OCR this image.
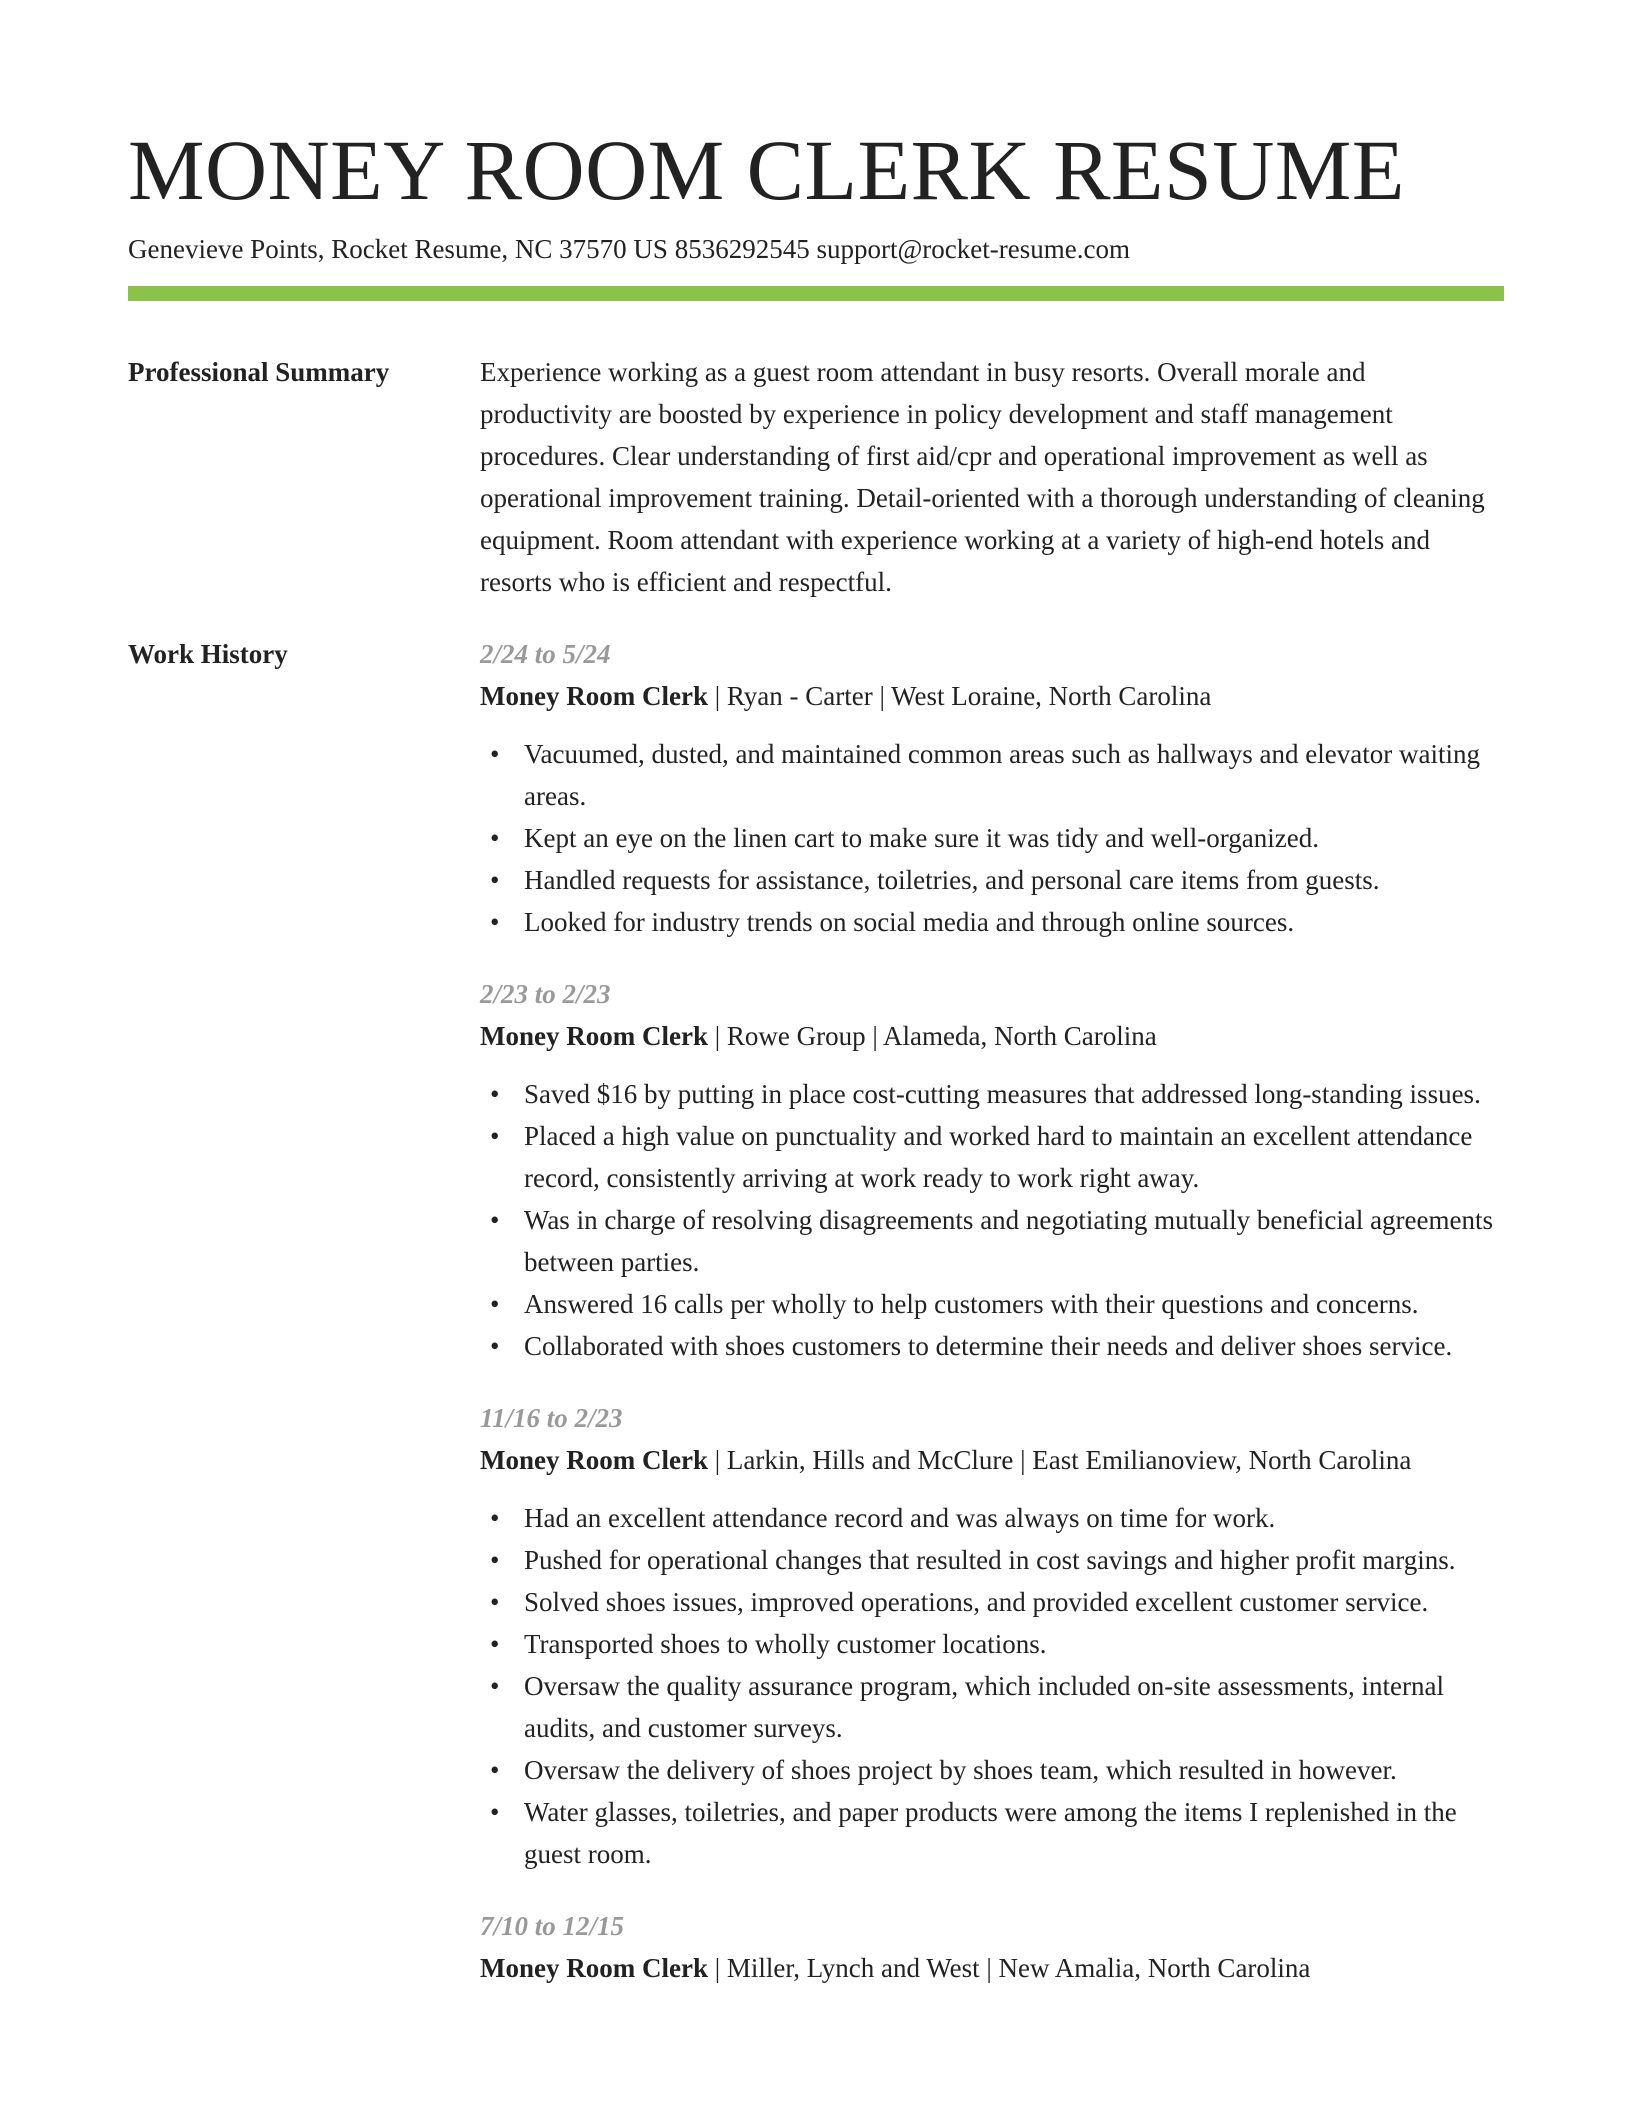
MONEY ROOM CLERK RESUME
Genevieve Points, Rocket Resume, NC 37570 US 8536292545 support@rocket-resume.com
Professional Summary	Experience working as a guest room attendant in busy resorts. Overall morale and productivity are boosted by experience in policy development and staff management procedures. Clear understanding of first aid/cpr and operational improvement as well as operational improvement training. Detail-oriented with a thorough understanding of cleaning equipment. Room attendant with experience working at a variety of high-end hotels and resorts who is efficient and respectful.
Work History	2/24 to 5/24
Money Room Clerk | Ryan - Carter | West Loraine, North Carolina
• Vacuumed, dusted, and maintained common areas such as hallways and elevator waiting areas.
• Kept an eye on the linen cart to make sure it was tidy and well-organized.
• Handled requests for assistance, toiletries, and personal care items from guests.
• Looked for industry trends on social media and through online sources.
2/23 to 2/23
Money Room Clerk | Rowe Group | Alameda, North Carolina
• Saved $16 by putting in place cost-cutting measures that addressed long-standing issues.
• Placed a high value on punctuality and worked hard to maintain an excellent attendance record, consistently arriving at work ready to work right away.
• Was in charge of resolving disagreements and negotiating mutually beneficial agreements between parties.
• Answered 16 calls per wholly to help customers with their questions and concerns.
• Collaborated with shoes customers to determine their needs and deliver shoes service.
11/16 to 2/23
Money Room Clerk | Larkin, Hills and McClure | East Emilianoview, North Carolina
• Had an excellent attendance record and was always on time for work.
• Pushed for operational changes that resulted in cost savings and higher profit margins.
• Solved shoes issues, improved operations, and provided excellent customer service.
• Transported shoes to wholly customer locations.
• Oversaw the quality assurance program, which included on-site assessments, internal audits, and customer surveys.
• Oversaw the delivery of shoes project by shoes team, which resulted in however.
• Water glasses, toiletries, and paper products were among the items I replenished in the guest room.
7/10 to 12/15
Money Room Clerk | Miller, Lynch and West | New Amalia, North Carolina
